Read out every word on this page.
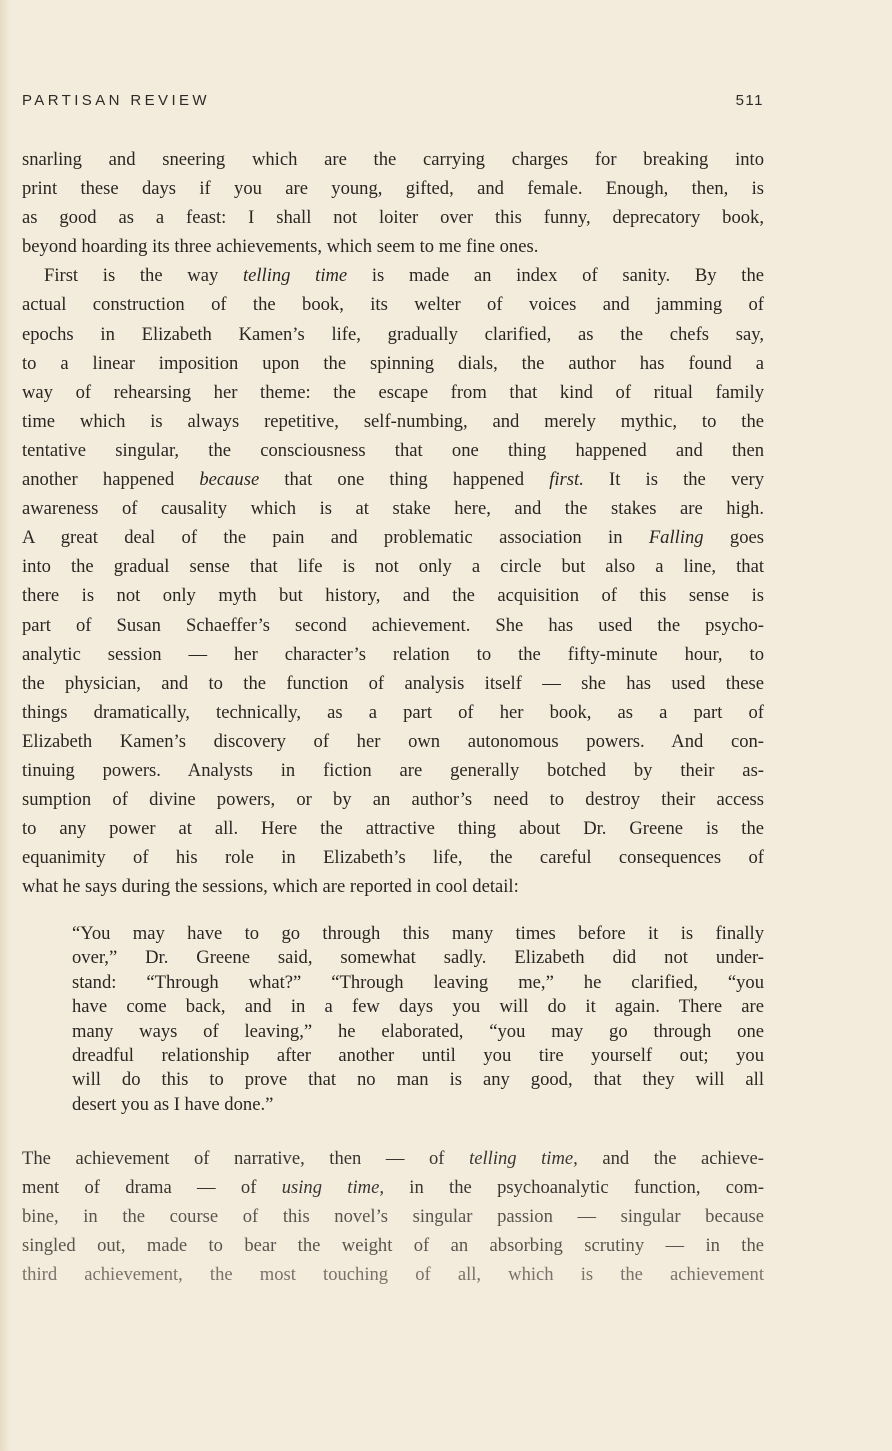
PARTISAN REVIEW	511
snarling and sneering which are the carrying charges for breaking into
print these days if you are young, gifted, and female. Enough, then, is
as good as a feast: I shall not loiter over this funny, deprecatory book,
beyond hoarding its three achievements, which seem to me fine ones.
First is the way telling time is made an index of sanity. By the
actual construction of the book, its welter of voices and jamming of
epochs in Elizabeth Kamen’s life, gradually clarified, as the chefs say,
to a linear imposition upon the spinning dials, the author has found a
way of rehearsing her theme: the escape from that kind of ritual family
time which is always repetitive, self-numbing, and merely mythic, to the
tentative singular, the consciousness that one thing happened and then
another happened because that one thing happened first. It is the very
awareness of causality which is at stake here, and the stakes are high.
A great deal of the pain and problematic association in Falling goes
into the gradual sense that life is not only a circle but also a line, that
there is not only myth but history, and the acquisition of this sense is
part of Susan Schaeffer’s second achievement. She has used the psycho-
analytic session — her character’s relation to the fifty-minute hour, to
the physician, and to the function of analysis itself — she has used these
things dramatically, technically, as a part of her book, as a part of
Elizabeth Kamen’s discovery of her own autonomous powers. And con-
tinuing powers. Analysts in fiction are generally botched by their as-
sumption of divine powers, or by an author’s need to destroy their access
to any power at all. Here the attractive thing about Dr. Greene is the
equanimity of his role in Elizabeth’s life, the careful consequences of
what he says during the sessions, which are reported in cool detail:
“You may have to go through this many times before it is finally
over,” Dr. Greene said, somewhat sadly. Elizabeth did not under-
stand: “Through what?” “Through leaving me,” he clarified, “you
have come back, and in a few days you will do it again. There are
many ways of leaving,” he elaborated, “you may go through one
dreadful relationship after another until you tire yourself out; you
will do this to prove that no man is any good, that they will all
desert you as I have done.”
The achievement of narrative, then — of telling time, and the achieve-
ment of drama — of using time, in the psychoanalytic function, com-
bine, in the course of this novel’s singular passion — singular because
singled out, made to bear the weight of an absorbing scrutiny — in the
third achievement, the most touching of all, which is the achievement
